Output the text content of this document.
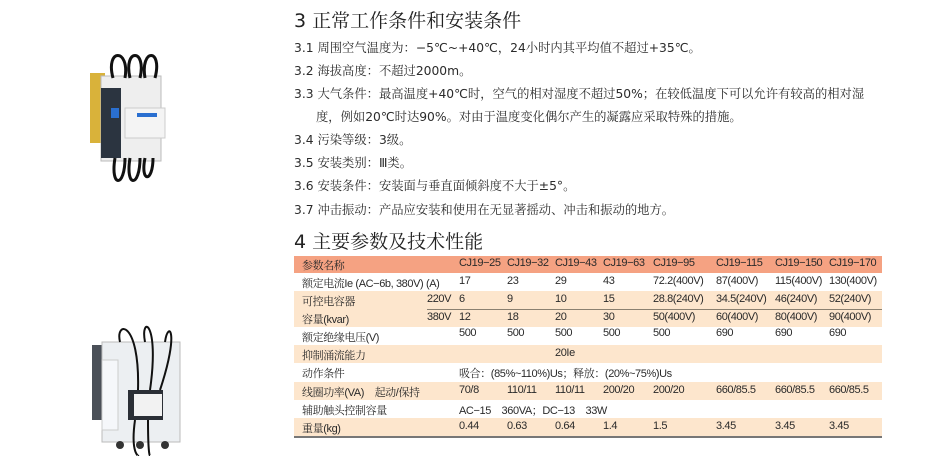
3 正常工作条件和安装条件
3.1 周围空气温度为：−5℃~+40℃，24小时内其平均值不超过+35℃。
3.2 海拔高度：不超过2000m。
3.3 大气条件：最高温度+40℃时，空气的相对湿度不超过50%；在较低温度下可以允许有较高的相对湿
度，例如20℃时达90%。对由于温度变化偶尔产生的凝露应采取特殊的措施。
3.4 污染等级：3级。
3.5 安装类别：Ⅲ类。
3.6 安装条件：安装面与垂直面倾斜度不大于±5°。
3.7 冲击振动：产品应安装和使用在无显著摇动、冲击和振动的地方。
4 主要参数及技术性能
参数名称	CJ19−25 CJ19−32 CJ19−43 CJ19−63 CJ19−95 CJ19−115 CJ19−150 CJ19−170
额定电流Ie (AC−6b, 380V) (A) 17	23	29	43	72.2(400V) 87(400V) 115(400V) 130(400V)
可控电容器	220V 6	9	10	15	28.8(240V) 34.5(240V) 46(240V) 52(240V)
容量(kvar)	380V 12	18	20	30	50(400V) 60(400V) 80(400V) 90(400V)
额定绝缘电压(V)	500	500	500	500	500	690	690	690
抑制涌流能力	20Ie
动作条件	吸合：(85%~110%)Us；释放：(20%~75%)Us
线圈功率(VA)　起动/保持	70/8	110/11 110/11 200/20 200/20	660/85.5 660/85.5 660/85.5
辅助触头控制容量	AC−15　360VA；DC−13　33W
重量(kg)	0.44	0.63	0.64	1.4	1.5	3.45	3.45	3.45
